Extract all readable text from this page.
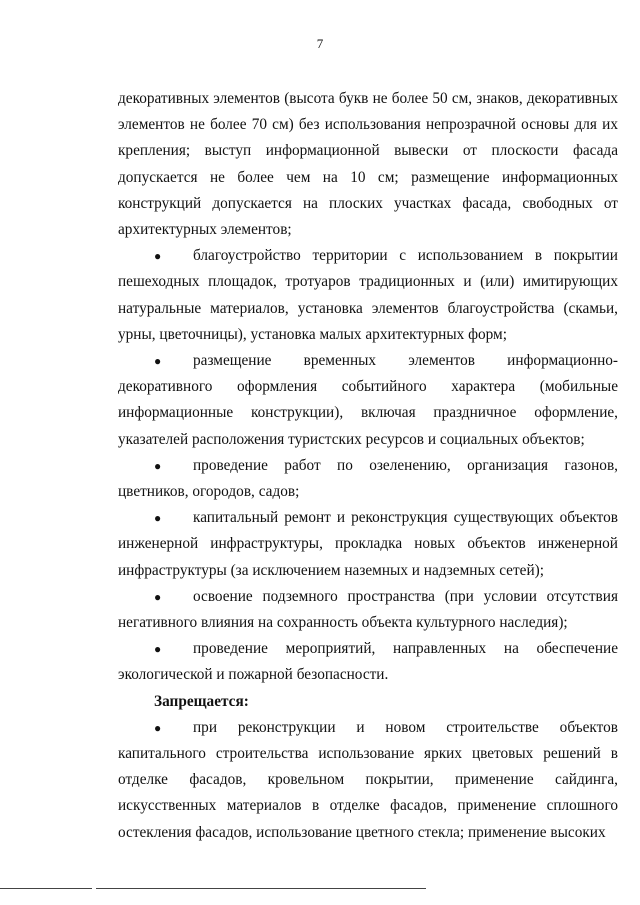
7

декоративных элементов (высота букв не более 50 см, знаков, декоративных элементов не более 70 см) без использования непрозрачной основы для их крепления; выступ информационной вывески от плоскости фасада допускается не более чем на 10 см; размещение информационных конструкций допускается на плоских участках фасада, свободных от архитектурных элементов;

● благоустройство территории с использованием в покрытии пешеходных площадок, тротуаров традиционных и (или) имитирующих натуральные материалов, установка элементов благоустройства (скамьи, урны, цветочницы), установка малых архитектурных форм;

● размещение временных элементов информационно-декоративного оформления событийного характера (мобильные информационные конструкции), включая праздничное оформление, указателей расположения туристских ресурсов и социальных объектов;

● проведение работ по озеленению, организация газонов, цветников, огородов, садов;

● капитальный ремонт и реконструкция существующих объектов инженерной инфраструктуры, прокладка новых объектов инженерной инфраструктуры (за исключением наземных и надземных сетей);

● освоение подземного пространства (при условии отсутствия негативного влияния на сохранность объекта культурного наследия);

● проведение мероприятий, направленных на обеспечение экологической и пожарной безопасности.

Запрещается:

● при реконструкции и новом строительстве объектов капитального строительства использование ярких цветовых решений в отделке фасадов, кровельном покрытии, применение сайдинга, искусственных материалов в отделке фасадов, применение сплошного остекления фасадов, использование цветного стекла; применение высоких
